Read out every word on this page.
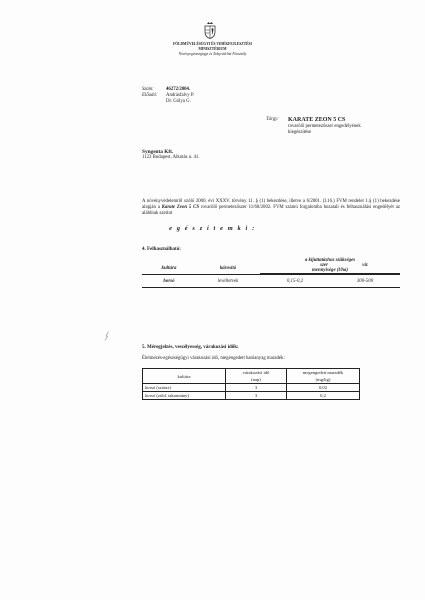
FÖLDMŰVELÉSÜGYI ÉS VIDÉKFEJLESZTÉSI
MINISZTÉRIUM
Növényegészségügyi és Talajvédelmi Főosztály
Szám:	46272/2004.
Előadó:	Andrásfalvy P.
Dr. Gólya G.
Tárgy: KARATE ZEON 5 CS
rovarölő permetezőszer engedélyének
kiegészítése
Syngenta Kft.
1123 Budapest, Alkotás u. 41.
A növényvédelemről szóló 2000. évi XXXV. törvény 11. § (1) bekezdése, illetve a 6/2001. (I.16.) FVM rendelet 1.§ (1) bekezdése alapján a Karate Zeon 5 CS rovarölő permetezőszer 11/68/2002. FVM számú forgalomba hozatali és felhasználási engedélyét az alábbiak szerint
e g é s z í t e m k i :
4. Felhasználható:
		a kijuttatáshoz szükséges	
kultúra	károsító	szer	víz
		mennyisége (l/ha)	

borsó	levéltetvek	0,15-0,2	300-500
5. Méregjelzés, veszélyesség, várakozási idők:
Élelmezés-egészségügyi várakozási idő, megengedett hatóanyag maradék:
kultúra	várakozási idő	megengedett maradék
	(nap)	(mg/kg)
borsó (száraz)	3	0,02
borsó (zöld, takarmány)	3	0,2
